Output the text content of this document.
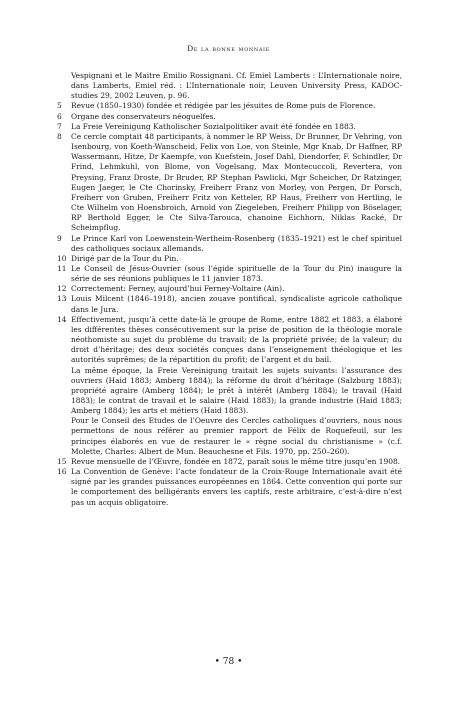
De la bonne monnaie

Vespignani et le Maitre Emilio Rossignani. Cf. Emiel Lamberts : L’Internationale noire, dans Lamberts, Emiel réd. : L’Internationale noir, Leuven University Press, KADOC-studies 29, 2002 Leuven, p. 96.

5 Revue (1850–1930) fondée et rédigée par les jésuites de Rome puis de Florence.

6 Organe des conservateurs néoguelfes.

7 La Freie Vereinigung Katholischer Sozialpolitiker avait été fondée en 1883.

8 Ce cercle comptait 48 participants, à nommer le RP Weiss, Dr Brunner, Dr Vehring, von Isenbourg, von Koeth-Wanscheid, Felix von Loe, von Steinle, Mgr Knab, Dr Haffner, RP Wassermann, Hitze, Dr Kaempfe, von Kuefstein, Josef Dahl, Diendorfer, F. Schindler, Dr Frind, Lehmkuhl, von Blome, von Vogelsang, Max Montecuccoli, Revertera, von Preysing, Franz Droste, Dr Bruder, RP Stephan Pawlicki, Mgr Scheicher, Dr Ratzinger, Eugen Jaeger, le Cte Chorinsky, Freiherr Franz von Morley, von Pergen, Dr Porsch, Freiherr von Gruben, Freiherr Fritz von Ketteler, RP Haus, Freiherr von Hertling, le Cte Wilhelm von Hoensbroich, Arnold von Ziegeleben, Freiherr Philipp von Böselager, RP Berthold Egger, le Cte Silva-Tarouca, chanoine Eichhorn, Niklas Racké, Dr Scheimpflug.

9 Le Prince Karl von Loewenstein-Wertheim-Rosenberg (1835–1921) est le chef spirituel des catholiques sociaux allemands.

10 Dirigé par de la Tour du Pin.

11 Le Conseil de Jésus-Ouvrier (sous l’égide spirituelle de la Tour du Pin) inaugure la série de ses réunions publiques le 11 janvier 1873.

12 Correctement: Ferney, aujourd’hui Ferney-Voltaire (Ain).

13 Louis Milcent (1846–1918), ancien zouave pontifical, syndicaliste agricole catholique dans le Jura.

14 Effectivement, jusqu’à cette date-là le groupe de Rome, entre 1882 et 1883, a élaboré les différentes thèses consécutivement sur la prise de position de la théologie morale néothomiste au sujet du problème du travail; de la propriété privée; de la valeur; du droit d’héritage; des deux sociétés conçues dans l’enseignement théologique et les autorités suprêmes; de la répartition du profit; de l’argent et du bail.

La même époque, la Freie Vereinigung traitait les sujets suivants: l’assurance des ouvriers (Haid 1883; Amberg 1884); la réforme du droit d’héritage (Salzburg 1883); propriété agraire (Amberg 1884); le prêt à intérêt (Amberg 1884); le travail (Haid 1883); le contrat de travail et le salaire (Haid 1883); la grande industrie (Haid 1883; Amberg 1884); les arts et métiers (Haid 1883).

Pour le Conseil des Etudes de l’Oeuvre des Cercles catholiques d’ouvriers, nous nous permettons de nous référer au premier rapport de Félix de Roquefeuil, sur les principes élaborés en vue de restaurer le « règne social du christianisme » (c.f. Molette, Charles: Albert de Mun. Beauchesne et Fils. 1970, pp. 250–260).

15 Revue mensuelle de l’Œuvre, fondée en 1872, paraît sous le même titre jusqu’en 1908.

16 La Convention de Genève: l’acte fondateur de la Croix-Rouge Internationale avait été signé par les grandes puissances européennes en 1864. Cette convention qui porte sur le comportement des belligérants envers les captifs, reste arbitraire, c’est-à-dire n’est pas un acquis obligatoire.

• 78 •
